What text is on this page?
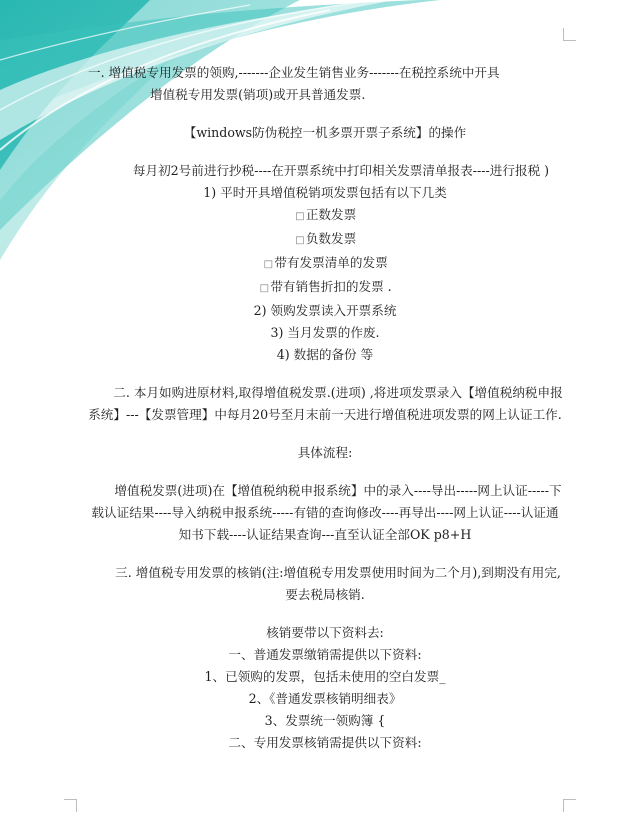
一. 增值税专用发票的领购,-------企业发生销售业务-------在税控系统中开具

增值税专用发票(销项)或开具普通发票.

【windows防伪税控一机多票开票子系统】的操作

每月初2号前进行抄税----在开票系统中打印相关发票清单报表----进行报税 )

1) 平时开具增值税销项发票包括有以下几类

□正数发票

□负数发票

□带有发票清单的发票

□带有销售折扣的发票 .

2) 领购发票读入开票系统

3) 当月发票的作废.

4) 数据的备份 等

二. 本月如购进原材料,取得增值税发票.(进项) ,将进项发票录入【增值税纳税申报系统】---【发票管理】中每月20号至月末前一天进行增值税进项发票的网上认证工作.

具体流程:

增值税发票(进项)在【增值税纳税申报系统】中的录入----导出-----网上认证-----下载认证结果----导入纳税申报系统-----有错的查询修改----再导出----网上认证----认证通知书下载----认证结果查询---直至认证全部OK p8+H

三. 增值税专用发票的核销(注:增值税专用发票使用时间为二个月),到期没有用完,要去税局核销.

核销要带以下资料去:

一、普通发票缴销需提供以下资料:

1、已领购的发票，包括未使用的空白发票_

2、《普通发票核销明细表》

3、发票统一领购簿 {

二、专用发票核销需提供以下资料:
